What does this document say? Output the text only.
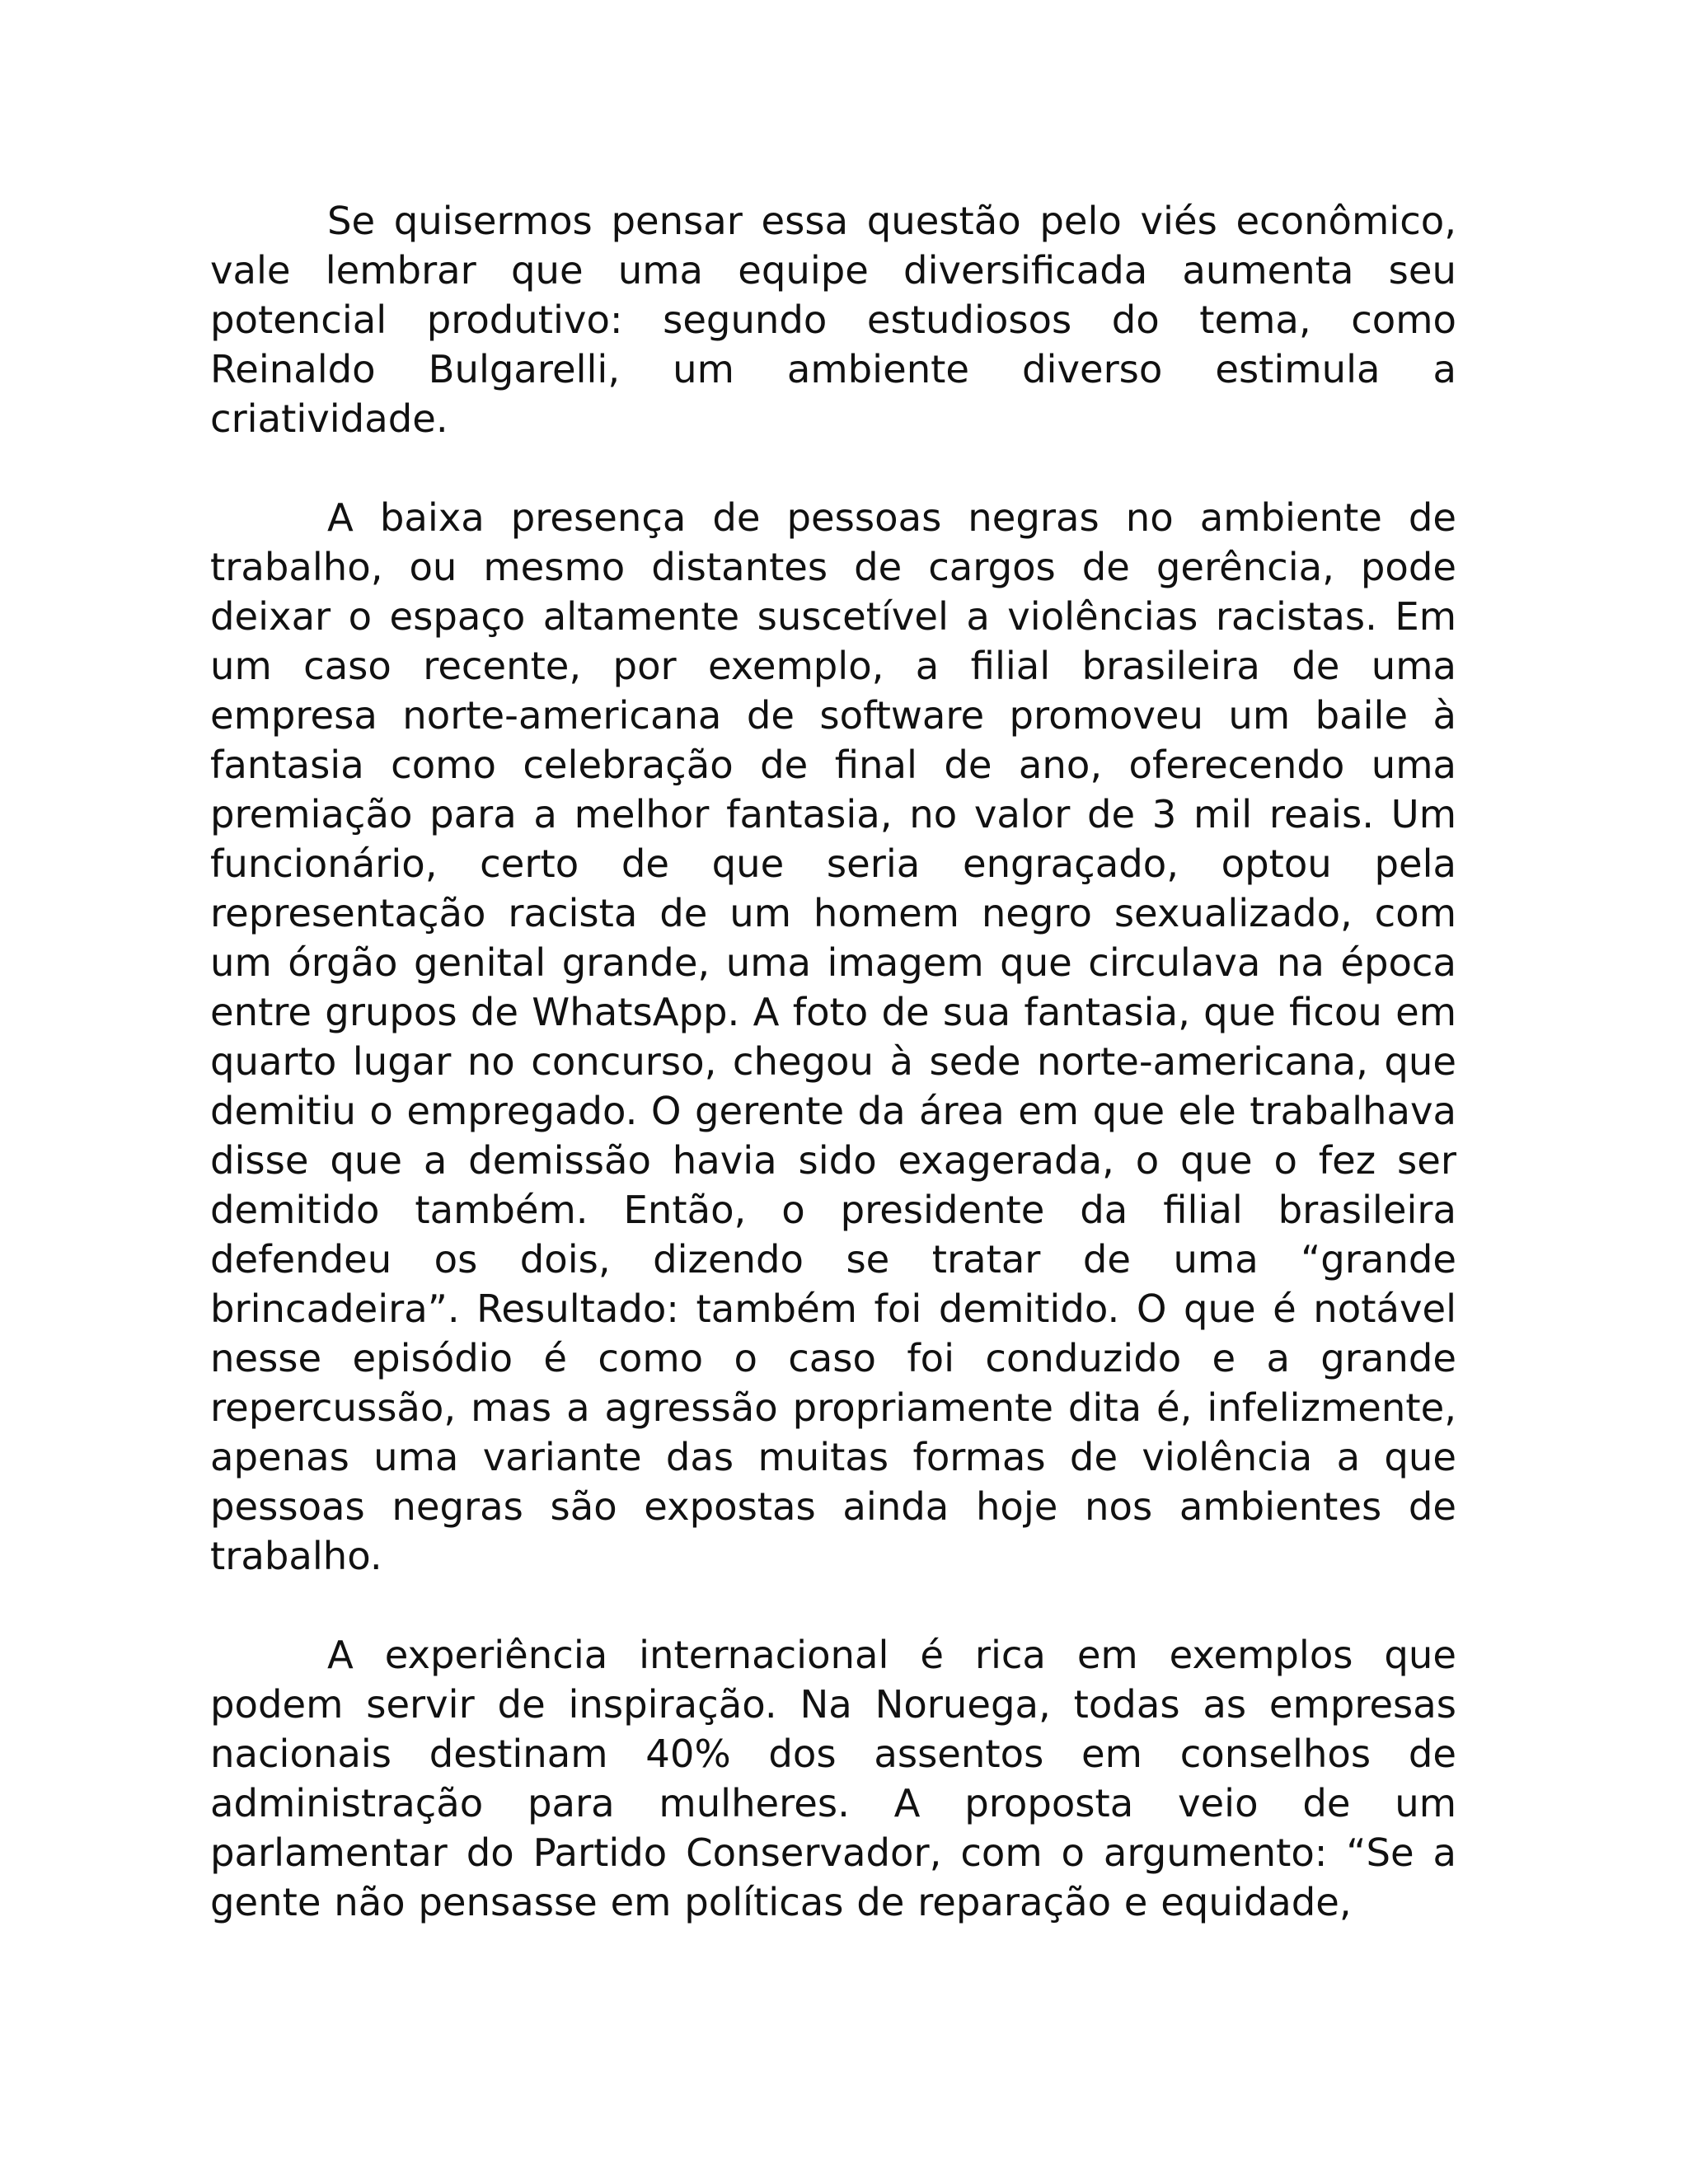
Se quisermos pensar essa questão pelo viés econômico, vale lembrar que uma equipe diversificada aumenta seu potencial produtivo: segundo estudiosos do tema, como Reinaldo Bulgarelli, um ambiente diverso estimula a criatividade.

A baixa presença de pessoas negras no ambiente de trabalho, ou mesmo distantes de cargos de gerência, pode deixar o espaço altamente suscetível a violências racistas. Em um caso recente, por exemplo, a filial brasileira de uma empresa norte-americana de software promoveu um baile à fantasia como celebração de final de ano, oferecendo uma premiação para a melhor fantasia, no valor de 3 mil reais. Um funcionário, certo de que seria engraçado, optou pela representação racista de um homem negro sexualizado, com um órgão genital grande, uma imagem que circulava na época entre grupos de WhatsApp. A foto de sua fantasia, que ficou em quarto lugar no concurso, chegou à sede norte-americana, que demitiu o empregado. O gerente da área em que ele trabalhava disse que a demissão havia sido exagerada, o que o fez ser demitido também. Então, o presidente da filial brasileira defendeu os dois, dizendo se tratar de uma “grande brincadeira”. Resultado: também foi demitido. O que é notável nesse episódio é como o caso foi conduzido e a grande repercussão, mas a agressão propriamente dita é, infelizmente, apenas uma variante das muitas formas de violência a que pessoas negras são expostas ainda hoje nos ambientes de trabalho.

A experiência internacional é rica em exemplos que podem servir de inspiração. Na Noruega, todas as empresas nacionais destinam 40% dos assentos em conselhos de administração para mulheres. A proposta veio de um parlamentar do Partido Conservador, com o argumento: “Se a gente não pensasse em políticas de reparação e equidade,
